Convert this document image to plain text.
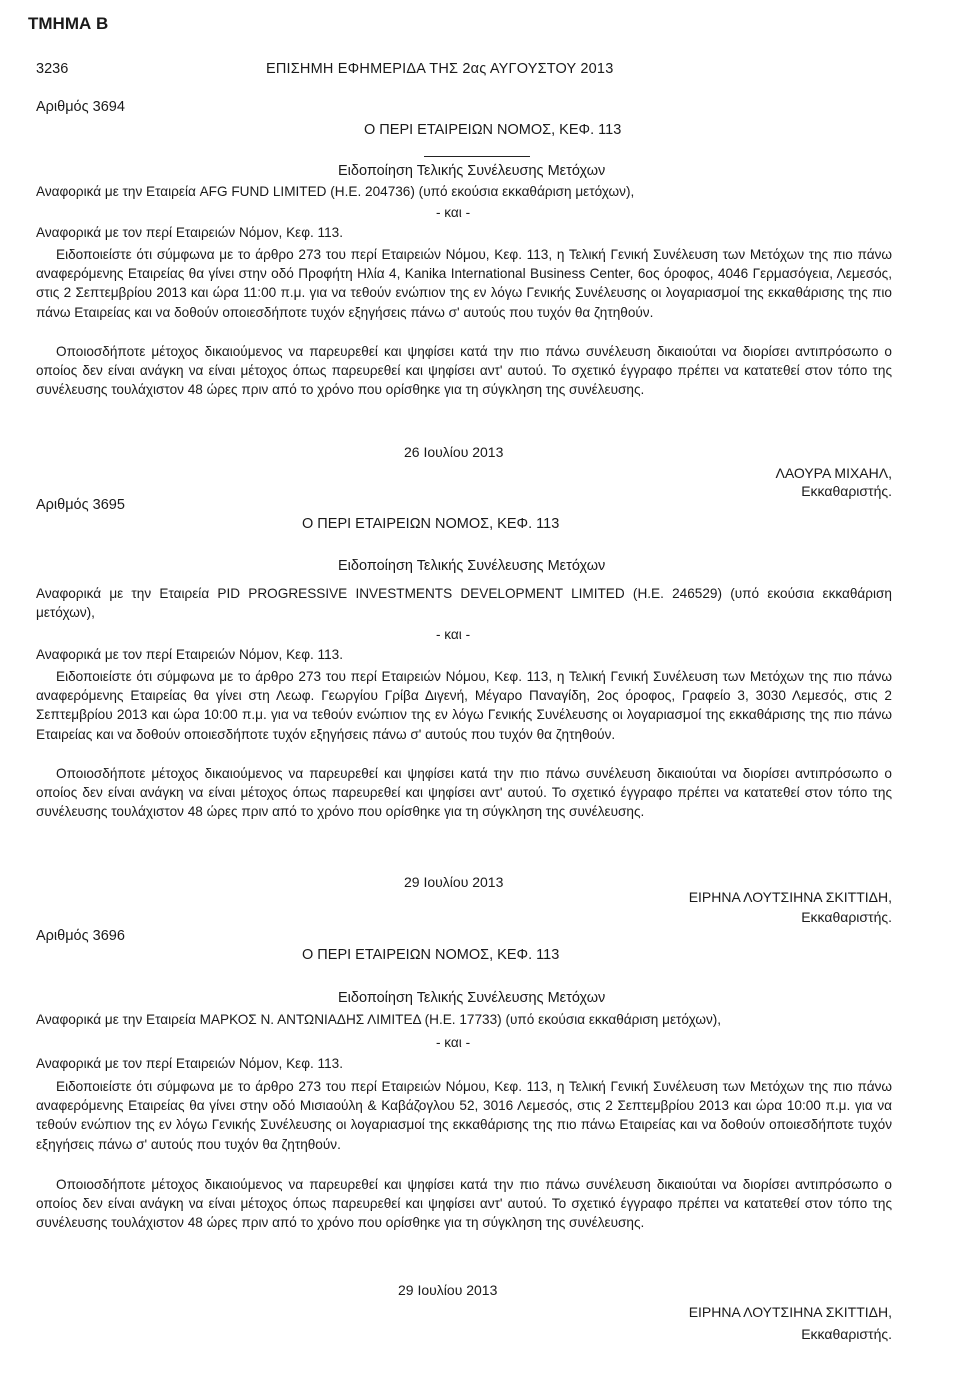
ΤΜΗΜΑ Β
3236	ΕΠΙΣΗΜΗ ΕΦΗΜΕΡΙΔΑ ΤΗΣ 2ας ΑΥΓΟΥΣΤΟΥ 2013
Αριθμός 3694
Ο ΠΕΡΙ ΕΤΑΙΡΕΙΩΝ ΝΟΜΟΣ, ΚΕΦ. 113
Ειδοποίηση Τελικής Συνέλευσης Μετόχων
Αναφορικά με την Εταιρεία AFG FUND LIMITED (Η.Ε. 204736) (υπό εκούσια εκκαθάριση μετόχων),
- και -
Αναφορικά με τον περί Εταιρειών Νόμον, Κεφ. 113.
Ειδοποιείστε ότι σύμφωνα με το άρθρο 273 του περί Εταιρειών Νόμου, Κεφ. 113, η Τελική Γενική Συνέλευση των Μετόχων της πιο πάνω αναφερόμενης Εταιρείας θα γίνει στην οδό Προφήτη Ηλία 4, Kanika International Business Center, 6ος όροφος, 4046 Γερμασόγεια, Λεμεσός, στις 2 Σεπτεμβρίου 2013 και ώρα 11:00 π.μ. για να τεθούν ενώπιον της εν λόγω Γενικής Συνέλευσης οι λογαριασμοί της εκκαθάρισης της πιο πάνω Εταιρείας και να δοθούν οποιεσδήποτε τυχόν εξηγήσεις πάνω σ' αυτούς που τυχόν θα ζητηθούν.
Οποιοσδήποτε μέτοχος δικαιούμενος να παρευρεθεί και ψηφίσει κατά την πιο πάνω συνέλευση δικαιούται να διορίσει αντιπρόσωπο ο οποίος δεν είναι ανάγκη να είναι μέτοχος όπως παρευρεθεί και ψηφίσει αντ' αυτού. Το σχετικό έγγραφο πρέπει να κατατεθεί στον τόπο της συνέλευσης τουλάχιστον 48 ώρες πριν από το χρόνο που ορίσθηκε για τη σύγκληση της συνέλευσης.
26 Ιουλίου 2013
ΛΑΟΥΡΑ ΜΙΧΑΗΛ,
Εκκαθαριστής.
Αριθμός 3695
Ο ΠΕΡΙ ΕΤΑΙΡΕΙΩΝ ΝΟΜΟΣ, ΚΕΦ. 113
Ειδοποίηση Τελικής Συνέλευσης Μετόχων
Αναφορικά με την Εταιρεία PID PROGRESSIVE INVESTMENTS DEVELOPMENT LIMITED (Η.Ε. 246529) (υπό εκούσια εκκαθάριση μετόχων),
- και -
Αναφορικά με τον περί Εταιρειών Νόμον, Κεφ. 113.
Ειδοποιείστε ότι σύμφωνα με το άρθρο 273 του περί Εταιρειών Νόμου, Κεφ. 113, η Τελική Γενική Συνέλευση των Μετόχων της πιο πάνω αναφερόμενης Εταιρείας θα γίνει στη Λεωφ. Γεωργίου Γρίβα Διγενή, Μέγαρο Παναγίδη, 2ος όροφος, Γραφείο 3, 3030 Λεμεσός, στις 2 Σεπτεμβρίου 2013 και ώρα 10:00 π.μ. για να τεθούν ενώπιον της εν λόγω Γενικής Συνέλευσης οι λογαριασμοί της εκκαθάρισης της πιο πάνω Εταιρείας και να δοθούν οποιεσδήποτε τυχόν εξηγήσεις πάνω σ' αυτούς που τυχόν θα ζητηθούν.
Οποιοσδήποτε μέτοχος δικαιούμενος να παρευρεθεί και ψηφίσει κατά την πιο πάνω συνέλευση δικαιούται να διορίσει αντιπρόσωπο ο οποίος δεν είναι ανάγκη να είναι μέτοχος όπως παρευρεθεί και ψηφίσει αντ' αυτού. Το σχετικό έγγραφο πρέπει να κατατεθεί στον τόπο της συνέλευσης τουλάχιστον 48 ώρες πριν από το χρόνο που ορίσθηκε για τη σύγκληση της συνέλευσης.
29 Ιουλίου 2013
ΕΙΡΗΝΑ ΛΟΥΤΣΙΗΝΑ ΣΚΙΤΤΙΔΗ,
Εκκαθαριστής.
Αριθμός 3696
Ο ΠΕΡΙ ΕΤΑΙΡΕΙΩΝ ΝΟΜΟΣ, ΚΕΦ. 113
Ειδοποίηση Τελικής Συνέλευσης Μετόχων
Αναφορικά με την Εταιρεία ΜΑΡΚΟΣ Ν. ΑΝΤΩΝΙΑΔΗΣ ΛΙΜΙΤΕΔ (Η.Ε. 17733) (υπό εκούσια εκκαθάριση μετόχων),
- και -
Αναφορικά με τον περί Εταιρειών Νόμον, Κεφ. 113.
Ειδοποιείστε ότι σύμφωνα με το άρθρο 273 του περί Εταιρειών Νόμου, Κεφ. 113, η Τελική Γενική Συνέλευση των Μετόχων της πιο πάνω αναφερόμενης Εταιρείας θα γίνει στην οδό Μισιαούλη & Καβάζογλου 52, 3016 Λεμεσός, στις 2 Σεπτεμβρίου 2013 και ώρα 10:00 π.μ. για να τεθούν ενώπιον της εν λόγω Γενικής Συνέλευσης οι λογαριασμοί της εκκαθάρισης της πιο πάνω Εταιρείας και να δοθούν οποιεσδήποτε τυχόν εξηγήσεις πάνω σ' αυτούς που τυχόν θα ζητηθούν.
Οποιοσδήποτε μέτοχος δικαιούμενος να παρευρεθεί και ψηφίσει κατά την πιο πάνω συνέλευση δικαιούται να διορίσει αντιπρόσωπο ο οποίος δεν είναι ανάγκη να είναι μέτοχος όπως παρευρεθεί και ψηφίσει αντ' αυτού. Το σχετικό έγγραφο πρέπει να κατατεθεί στον τόπο της συνέλευσης τουλάχιστον 48 ώρες πριν από το χρόνο που ορίσθηκε για τη σύγκληση της συνέλευσης.
29 Ιουλίου 2013
ΕΙΡΗΝΑ ΛΟΥΤΣΙΗΝΑ ΣΚΙΤΤΙΔΗ,
Εκκαθαριστής.
